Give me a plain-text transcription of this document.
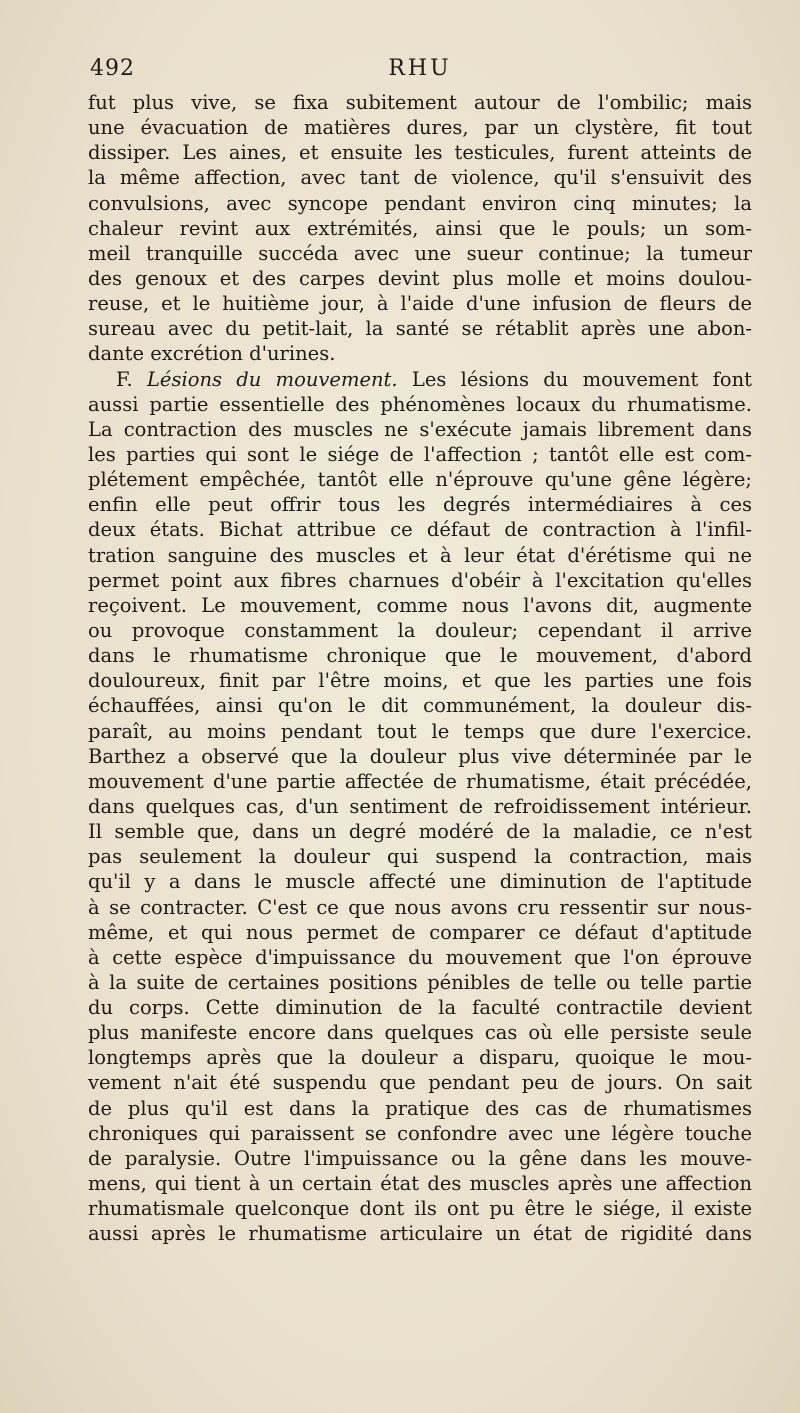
492	RHU
fut plus vive, se fixa subitement autour de l'ombilic; mais
une évacuation de matières dures, par un clystère, fit tout
dissiper. Les aines, et ensuite les testicules, furent atteints de
la même affection, avec tant de violence, qu'il s'ensuivit des
convulsions, avec syncope pendant environ cinq minutes; la
chaleur revint aux extrémités, ainsi que le pouls; un som-
meil tranquille succéda avec une sueur continue; la tumeur
des genoux et des carpes devint plus molle et moins doulou-
reuse, et le huitième jour, à l'aide d'une infusion de fleurs de
sureau avec du petit-lait, la santé se rétablit après une abon-
dante excrétion d'urines.
F. Lésions du mouvement. Les lésions du mouvement font
aussi partie essentielle des phénomènes locaux du rhumatisme.
La contraction des muscles ne s'exécute jamais librement dans
les parties qui sont le siége de l'affection ; tantôt elle est com-
plétement empêchée, tantôt elle n'éprouve qu'une gêne légère;
enfin elle peut offrir tous les degrés intermédiaires à ces
deux états. Bichat attribue ce défaut de contraction à l'infil-
tration sanguine des muscles et à leur état d'érétisme qui ne
permet point aux fibres charnues d'obéir à l'excitation qu'elles
reçoivent. Le mouvement, comme nous l'avons dit, augmente
ou provoque constamment la douleur; cependant il arrive
dans le rhumatisme chronique que le mouvement, d'abord
douloureux, finit par l'être moins, et que les parties une fois
échauffées, ainsi qu'on le dit communément, la douleur dis-
paraît, au moins pendant tout le temps que dure l'exercice.
Barthez a observé que la douleur plus vive déterminée par le
mouvement d'une partie affectée de rhumatisme, était précédée,
dans quelques cas, d'un sentiment de refroidissement intérieur.
Il semble que, dans un degré modéré de la maladie, ce n'est
pas seulement la douleur qui suspend la contraction, mais
qu'il y a dans le muscle affecté une diminution de l'aptitude
à se contracter. C'est ce que nous avons cru ressentir sur nous-
même, et qui nous permet de comparer ce défaut d'aptitude
à cette espèce d'impuissance du mouvement que l'on éprouve
à la suite de certaines positions pénibles de telle ou telle partie
du corps. Cette diminution de la faculté contractile devient
plus manifeste encore dans quelques cas où elle persiste seule
longtemps après que la douleur a disparu, quoique le mou-
vement n'ait été suspendu que pendant peu de jours. On sait
de plus qu'il est dans la pratique des cas de rhumatismes
chroniques qui paraissent se confondre avec une légère touche
de paralysie. Outre l'impuissance ou la gêne dans les mouve-
mens, qui tient à un certain état des muscles après une affection
rhumatismale quelconque dont ils ont pu être le siége, il existe
aussi après le rhumatisme articulaire un état de rigidité dans
